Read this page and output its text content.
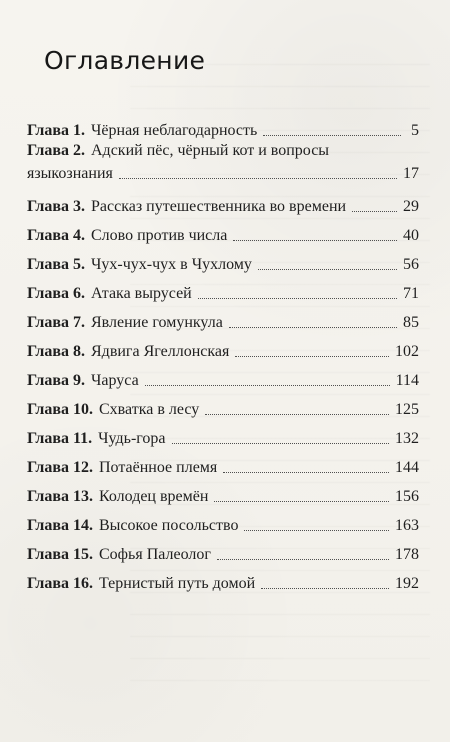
Оглавление
Глава 1. Чёрная неблагодарность	5
Глава 2. Адский пёс, чёрный кот и вопросы
языкознания	17
Глава 3. Рассказ путешественника во времени	29
Глава 4. Слово против числа	40
Глава 5. Чух-чух-чух в Чухлому	56
Глава 6. Атака вырусей	71
Глава 7. Явление гомункула	85
Глава 8. Ядвига Ягеллонская	102
Глава 9. Чаруса	114
Глава 10. Схватка в лесу	125
Глава 11. Чудь-гора	132
Глава 12. Потаённое племя	144
Глава 13. Колодец времён	156
Глава 14. Высокое посольство	163
Глава 15. Софья Палеолог	178
Глава 16. Тернистый путь домой	192
